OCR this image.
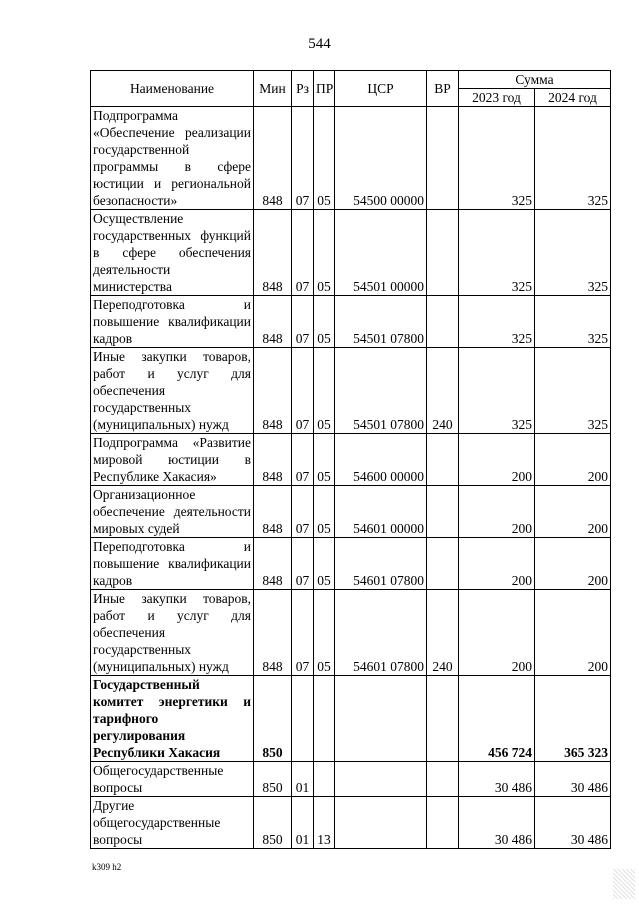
544
Наименование	Мин	Рз	ПР	ЦСР	ВР	Сумма	
						2023 год	2024 год
Подпрограмма «Обеспечение реализации государственной программы в сфере юстиции и региональной безопасности»	848	07	05	54500 00000		325	325
Осуществление государственных функций в сфере обеспечения деятельности министерства	848	07	05	54501 00000		325	325
Переподготовка и повышение квалификации кадров	848	07	05	54501 07800		325	325
Иные закупки товаров, работ и услуг для обеспечения государственных (муниципальных) нужд	848	07	05	54501 07800	240	325	325
Подпрограмма «Развитие мировой юстиции в Республике Хакасия»	848	07	05	54600 00000		200	200
Организационное обеспечение деятельности мировых судей	848	07	05	54601 00000		200	200
Переподготовка и повышение квалификации кадров	848	07	05	54601 07800		200	200
Иные закупки товаров, работ и услуг для обеспечения государственных (муниципальных) нужд	848	07	05	54601 07800	240	200	200
Государственный комитет энергетики и тарифного регулирования Республики Хакасия	850					456 724	365 323
Общегосударственные вопросы	850	01				30 486	30 486
Другие общегосударственные вопросы	850	01	13			30 486	30 486
k309 h2
